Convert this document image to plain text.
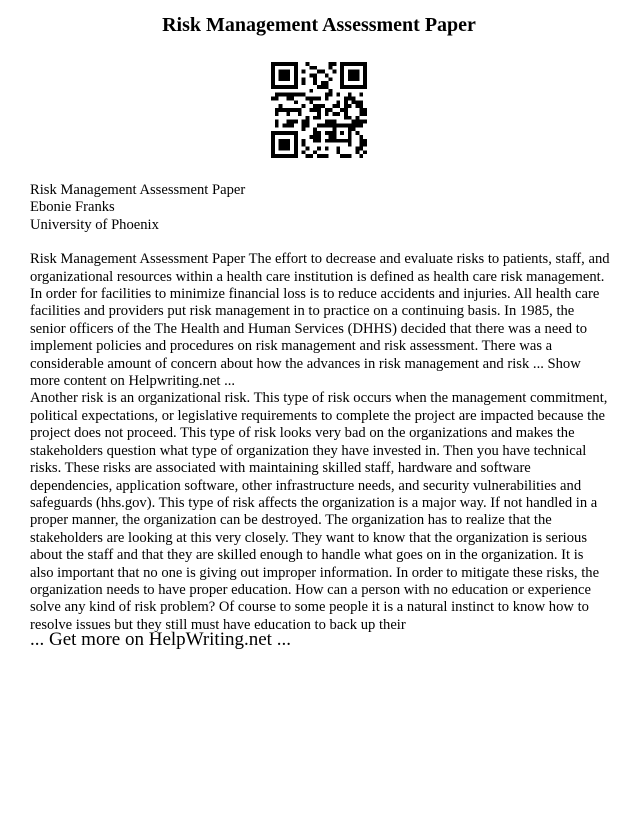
Risk Management Assessment Paper
Risk Management Assessment Paper
Ebonie Franks
University of Phoenix

Risk Management Assessment Paper The effort to decrease and evaluate risks to patients, staff, and organizational resources within a health care institution is defined as health care risk management. In order for facilities to minimize financial loss is to reduce accidents and injuries. All health care facilities and providers put risk management in to practice on a continuing basis. In 1985, the senior officers of the The Health and Human Services (DHHS) decided that there was a need to implement policies and procedures on risk management and risk assessment. There was a considerable amount of concern about how the advances in risk management and risk ... Show more content on Helpwriting.net ...

Another risk is an organizational risk. This type of risk occurs when the management commitment, political expectations, or legislative requirements to complete the project are impacted because the project does not proceed. This type of risk looks very bad on the organizations and makes the stakeholders question what type of organization they have invested in. Then you have technical risks. These risks are associated with maintaining skilled staff, hardware and software dependencies, application software, other infrastructure needs, and security vulnerabilities and safeguards (hhs.gov). This type of risk affects the organization is a major way. If not handled in a proper manner, the organization can be destroyed. The organization has to realize that the stakeholders are looking at this very closely. They want to know that the organization is serious about the staff and that they are skilled enough to handle what goes on in the organization. It is also important that no one is giving out improper information. In order to mitigate these risks, the organization needs to have proper education. How can a person with no education or experience solve any kind of risk problem? Of course to some people it is a natural instinct to know how to resolve issues but they still must have education to back up their

... Get more on HelpWriting.net ...
